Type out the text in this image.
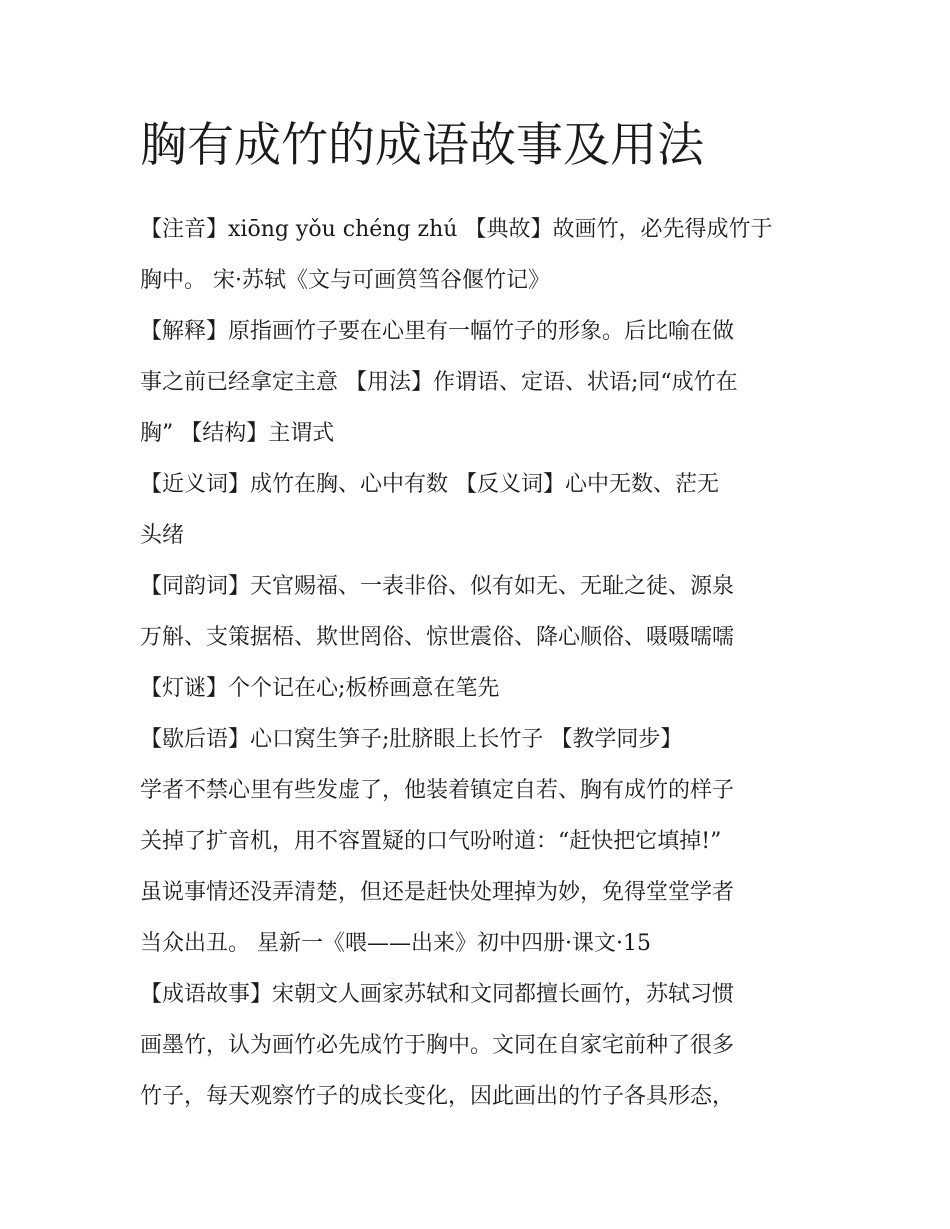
胸有成竹的成语故事及用法

【注音】xiōng yǒu chéng zhú 【典故】故画竹，必先得成竹于

胸中。 宋·苏轼《文与可画筼筜谷偃竹记》

【解释】原指画竹子要在心里有一幅竹子的形象。后比喻在做

事之前已经拿定主意 【用法】作谓语、定语、状语;同“成竹在

胸” 【结构】主谓式

【近义词】成竹在胸、心中有数 【反义词】心中无数、茫无

头绪

【同韵词】天官赐福、一表非俗、似有如无、无耻之徒、源泉

万斛、支策据梧、欺世罔俗、惊世震俗、降心顺俗、嗫嗫嚅嚅

【灯谜】个个记在心;板桥画意在笔先

【歇后语】心口窝生笋子;肚脐眼上长竹子 【教学同步】

学者不禁心里有些发虚了，他装着镇定自若、胸有成竹的样子

关掉了扩音机，用不容置疑的口气吩咐道：“赶快把它填掉!”

虽说事情还没弄清楚，但还是赶快处理掉为妙，免得堂堂学者

当众出丑。 星新一《喂——出来》初中四册·课文·15

【成语故事】宋朝文人画家苏轼和文同都擅长画竹，苏轼习惯

画墨竹，认为画竹必先成竹于胸中。文同在自家宅前种了很多

竹子，每天观察竹子的成长变化，因此画出的竹子各具形态，
